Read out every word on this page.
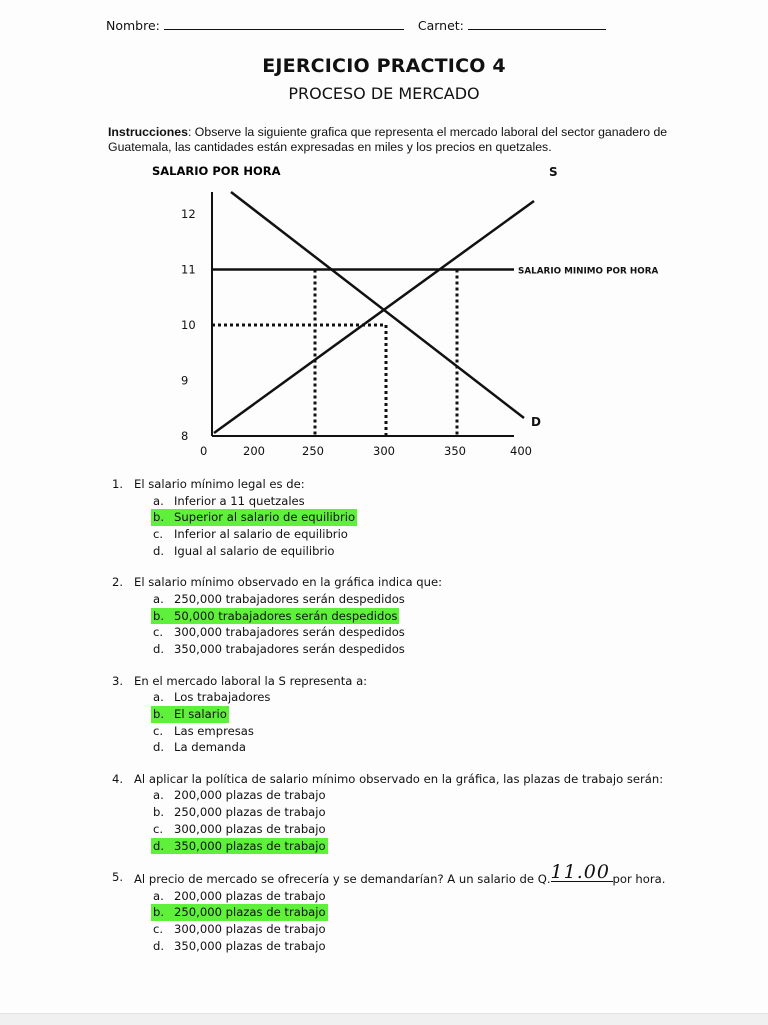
Nombre:	Carnet:
EJERCICIO PRACTICO 4
PROCESO DE MERCADO
Instrucciones: Observe la siguiente grafica que representa el mercado laboral del sector ganadero de Guatemala, las cantidades están expresadas en miles y los precios en quetzales.
SALARIO POR HORA
12
11
10
9
8
0	200	250	300	350	400
SALARIO MINIMO POR HORA
S
D
1. El salario mínimo legal es de:
a. Inferior a 11 quetzales
b. Superior al salario de equilibrio
c. Inferior al salario de equilibrio
d. Igual al salario de equilibrio
2. El salario mínimo observado en la gráfica indica que:
a. 250,000 trabajadores serán despedidos
b. 50,000 trabajadores serán despedidos
c. 300,000 trabajadores serán despedidos
d. 350,000 trabajadores serán despedidos
3. En el mercado laboral la S representa a:
a. Los trabajadores
b. El salario
c. Las empresas
d. La demanda
4. Al aplicar la política de salario mínimo observado en la gráfica, las plazas de trabajo serán:
a. 200,000 plazas de trabajo
b. 250,000 plazas de trabajo
c. 300,000 plazas de trabajo
d. 350,000 plazas de trabajo
5. Al precio de mercado se ofrecería y se demandarían? A un salario de Q.11.00 por hora.
a. 200,000 plazas de trabajo
b. 250,000 plazas de trabajo
c. 300,000 plazas de trabajo
d. 350,000 plazas de trabajo
